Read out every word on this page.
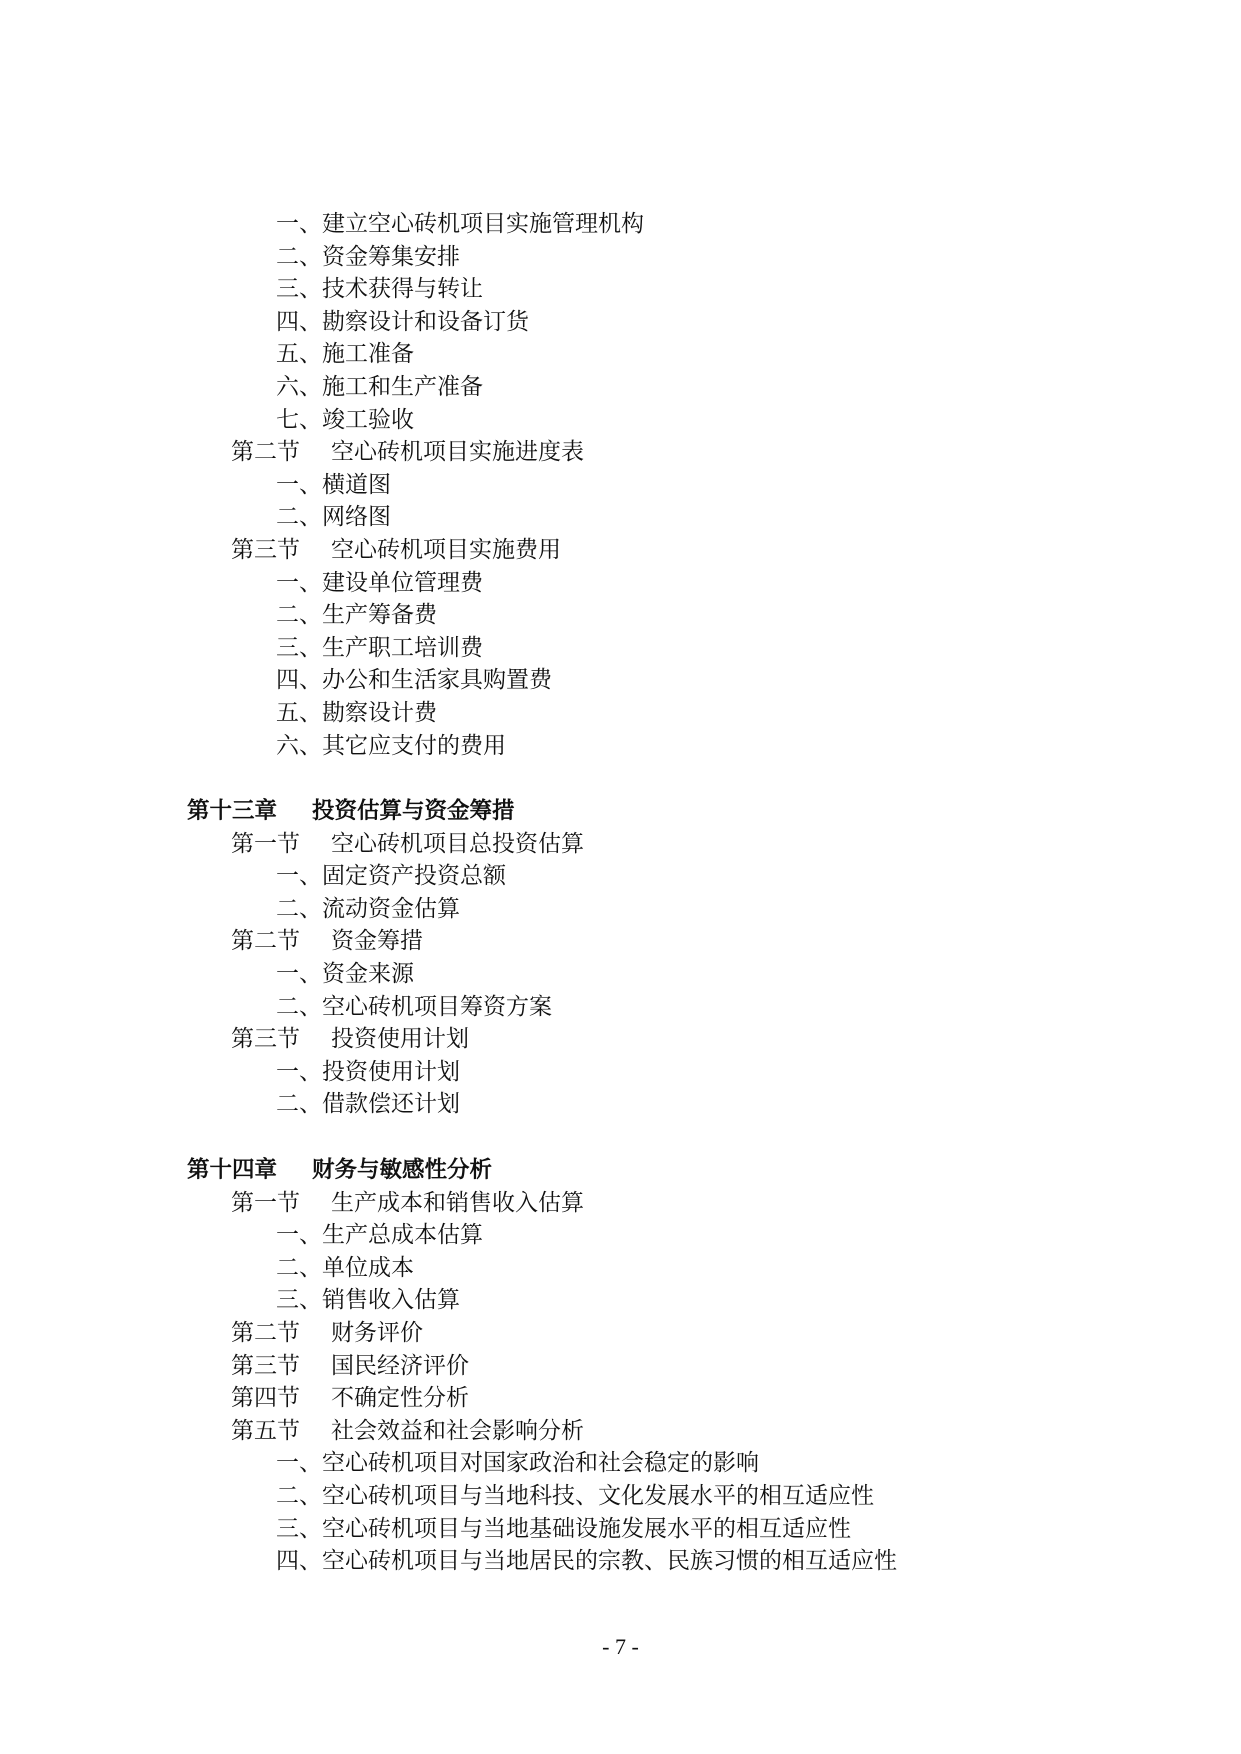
一、建立空心砖机项目实施管理机构
二、资金筹集安排
三、技术获得与转让
四、勘察设计和设备订货
五、施工准备
六、施工和生产准备
七、竣工验收
第二节 空心砖机项目实施进度表
一、横道图
二、网络图
第三节 空心砖机项目实施费用
一、建设单位管理费
二、生产筹备费
三、生产职工培训费
四、办公和生活家具购置费
五、勘察设计费
六、其它应支付的费用
第十三章 投资估算与资金筹措
第一节 空心砖机项目总投资估算
一、固定资产投资总额
二、流动资金估算
第二节 资金筹措
一、资金来源
二、空心砖机项目筹资方案
第三节 投资使用计划
一、投资使用计划
二、借款偿还计划
第十四章 财务与敏感性分析
第一节 生产成本和销售收入估算
一、生产总成本估算
二、单位成本
三、销售收入估算
第二节 财务评价
第三节 国民经济评价
第四节 不确定性分析
第五节 社会效益和社会影响分析
一、空心砖机项目对国家政治和社会稳定的影响
二、空心砖机项目与当地科技、文化发展水平的相互适应性
三、空心砖机项目与当地基础设施发展水平的相互适应性
四、空心砖机项目与当地居民的宗教、民族习惯的相互适应性
- 7 -
